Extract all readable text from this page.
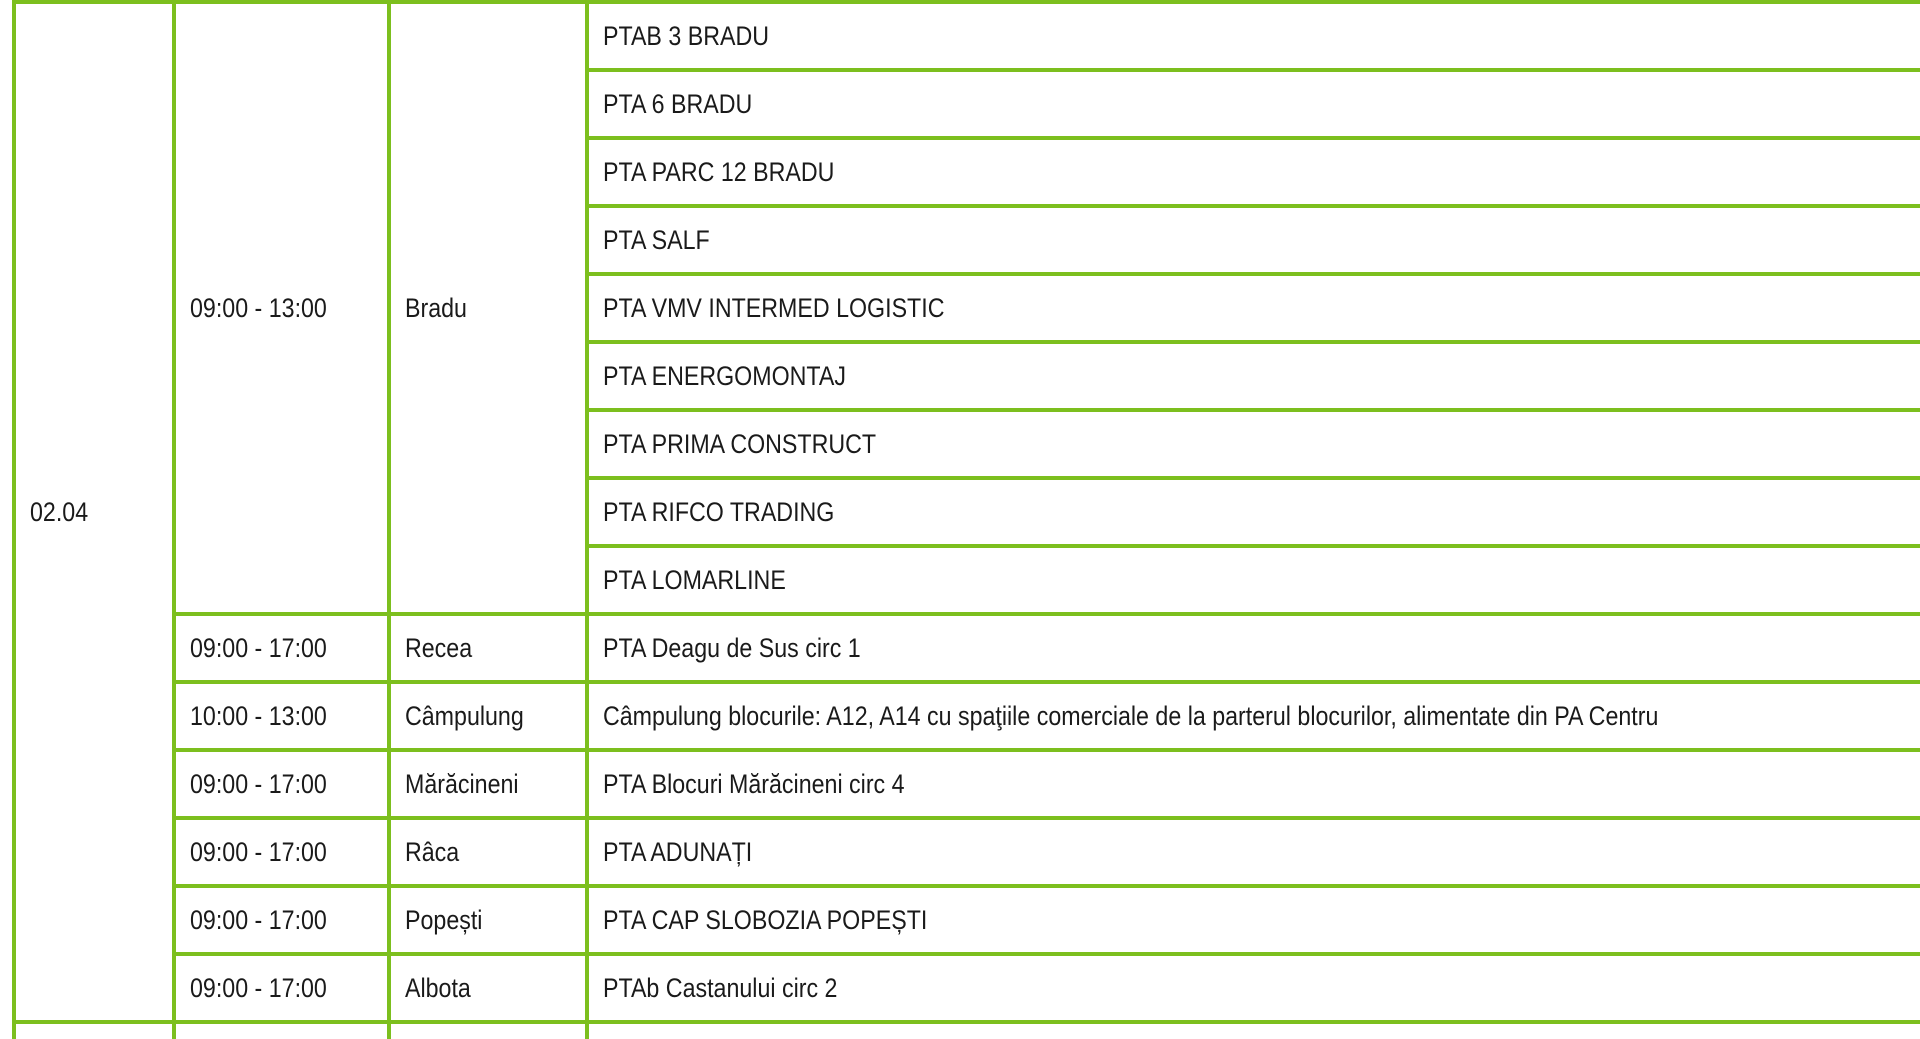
02.04	09:00 - 13:00	Bradu	PTAB 3 BRADU
			PTA 6 BRADU
			PTA PARC 12 BRADU
			PTA SALF
			PTA VMV INTERMED LOGISTIC
			PTA ENERGOMONTAJ
			PTA PRIMA CONSTRUCT
			PTA RIFCO TRADING
			PTA LOMARLINE
	09:00 - 17:00	Recea	PTA Deagu de Sus circ 1
	10:00 - 13:00	Câmpulung	Câmpulung blocurile: A12, A14 cu spaţiile comerciale de la parterul blocurilor, alimentate din PA Centru
	09:00 - 17:00	Mărăcineni	PTA Blocuri Mărăcineni circ 4
	09:00 - 17:00	Râca	PTA ADUNAȚI
	09:00 - 17:00	Popești	PTA CAP SLOBOZIA POPEȘTI
	09:00 - 17:00	Albota	PTAb Castanului circ 2
